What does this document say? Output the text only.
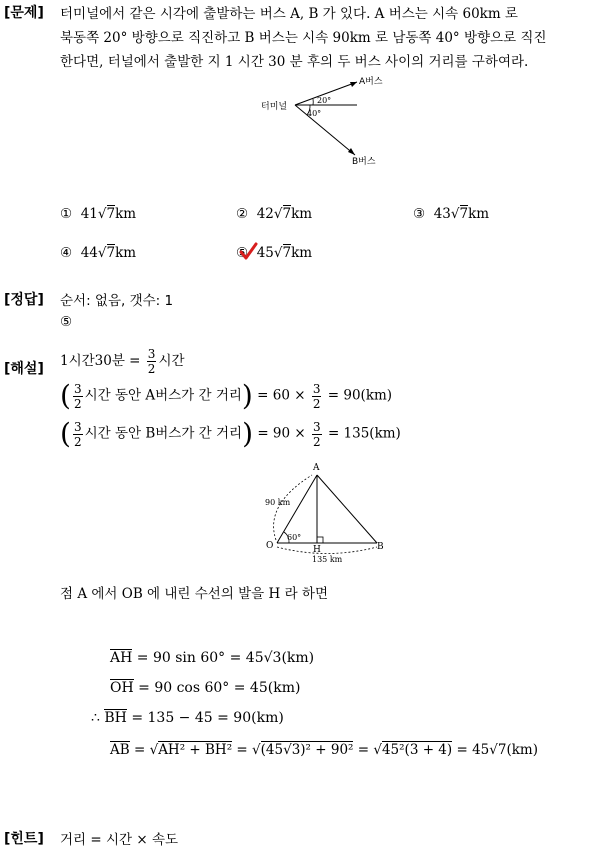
[문제] 터미널에서 같은 시각에 출발하는 버스 A, B 가 있다. A 버스는 시속 60km 로
북동쪽 20° 방향으로 직진하고 B 버스는 시속 90km 로 남동쪽 40° 방향으로 직진
한다면, 터널에서 출발한 지 1 시간 30 분 후의 두 버스 사이의 거리를 구하여라.
터미널
20°
40°
A버스
B버스
① 41√7km	② 42√7km	③ 43√7km
④ 44√7km	⑤ 45√7km
[정답] 순서: 없음, 갯수: 1
⑤
[해설] 1시간30분 = $\frac{3}{2}$ 시간
( $\frac{3}{2}$ 시간 동안 A버스가 간 거리) = $60 \times \frac{3}{2} = 90(km)$
( $\frac{3}{2}$ 시간 동안 B버스가 간 거리) = $90 \times \frac{3}{2} = 135(km)$
A
O	H	B
90 km
135 km
60°
점 A 에서 OB 에 내린 수선의 발을 H 라 하면
AH = 90 sin 60° = 45√3(km)
OH = 90 cos 60° = 45(km)
∴ BH = 135 − 45 = 90(km)
AB = √AH² + BH² = √(45√3)² + 90² = √45²(3 + 4) = 45√7(km)
[힌트] 거리 = 시간 × 속도
